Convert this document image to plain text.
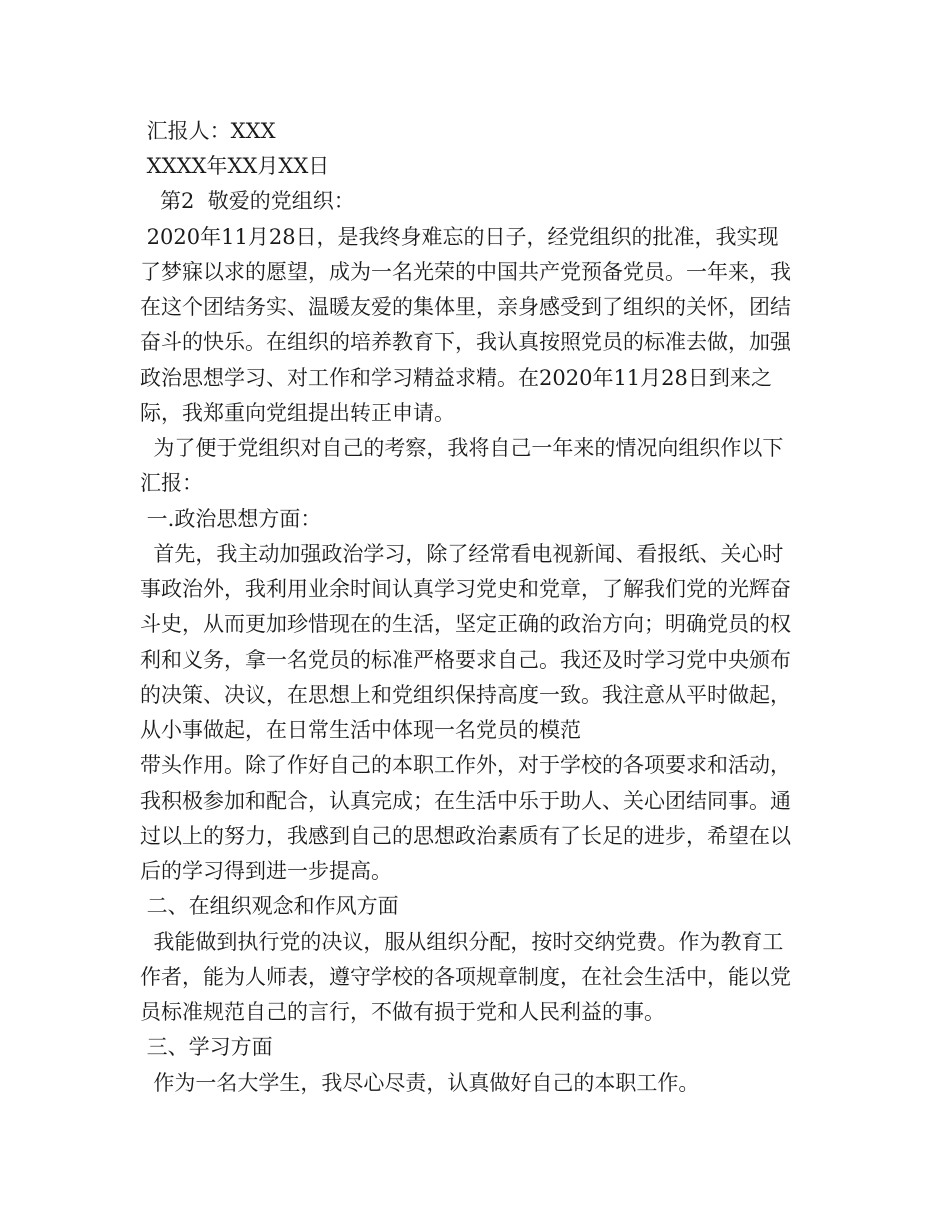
汇报人：XXX

XXXX年XX月XX日

第2  敬爱的党组织：

2020年11月28日，是我终身难忘的日子，经党组织的批准，我实现

了梦寐以求的愿望，成为一名光荣的中国共产党预备党员。一年来，我

在这个团结务实、温暖友爱的集体里，亲身感受到了组织的关怀，团结

奋斗的快乐。在组织的培养教育下，我认真按照党员的标准去做，加强

政治思想学习、对工作和学习精益求精。在2020年11月28日到来之

际，我郑重向党组提出转正申请。

为了便于党组织对自己的考察，我将自己一年来的情况向组织作以下

汇报：

一.政治思想方面：

首先，我主动加强政治学习，除了经常看电视新闻、看报纸、关心时

事政治外，我利用业余时间认真学习党史和党章，了解我们党的光辉奋

斗史，从而更加珍惜现在的生活，坚定正确的政治方向；明确党员的权

利和义务，拿一名党员的标准严格要求自己。我还及时学习党中央颁布

的决策、决议，在思想上和党组织保持高度一致。我注意从平时做起，

从小事做起，在日常生活中体现一名党员的模范

带头作用。除了作好自己的本职工作外，对于学校的各项要求和活动，

我积极参加和配合，认真完成；在生活中乐于助人、关心团结同事。通

过以上的努力，我感到自己的思想政治素质有了长足的进步，希望在以

后的学习得到进一步提高。

二、在组织观念和作风方面

我能做到执行党的决议，服从组织分配，按时交纳党费。作为教育工

作者，能为人师表，遵守学校的各项规章制度，在社会生活中，能以党

员标准规范自己的言行，不做有损于党和人民利益的事。

三、学习方面

作为一名大学生，我尽心尽责，认真做好自己的本职工作。
